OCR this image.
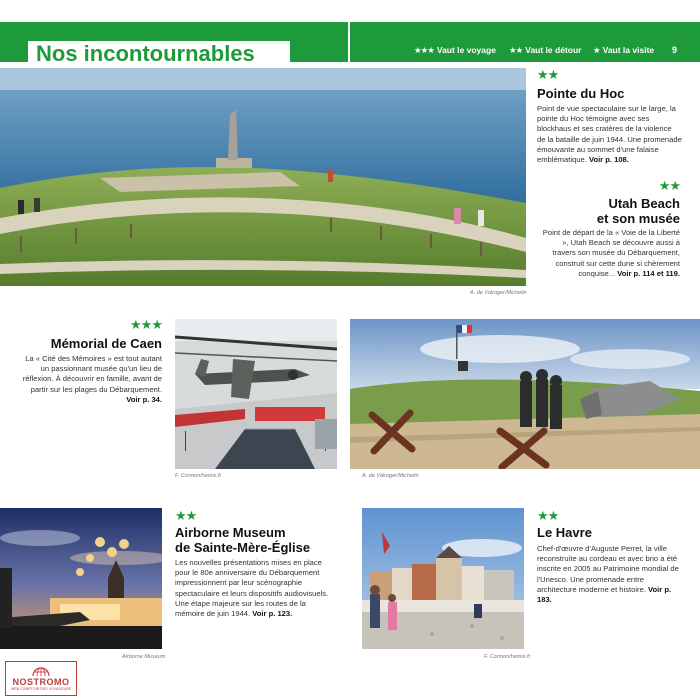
Nos incontournables	★★★ Vaut le voyage ★★ Vaut le détour ★ Vaut la visite 9
A. de Valroger/Michelin
★★
Pointe du Hoc
Point de vue spectaculaire sur le large, la pointe du Hoc témoigne avec ses blockhaus et ses cratères de la violence de la bataille de juin 1944. Une promenade émouvante au sommet d'une falaise emblématique. Voir p. 108.
★★
Utah Beach
et son musée
Point de départ de la « Voie de la Liberté », Utah Beach se découvre aussi à travers son musée du Débarquement, construit sur cette dune si chèrement conquise... Voir p. 114 et 119.
★★★
Mémorial de Caen
La « Cité des Mémoires » est tout autant un passionnant musée qu'un lieu de réflexion. À découvrir en famille, avant de partir sur les plages du Débarquement. Voir p. 34.
F. Cormon/hemis.fr	A. de Valroger/Michelin
Airborne Museum
★★
Airborne Museum
de Sainte-Mère-Église
Les nouvelles présentations mises en place pour le 80e anniversaire du Débarquement impressionnent par leur scénographie spectaculaire et leurs dispositifs audiovisuels. Une étape majeure sur les routes de la mémoire de juin 1944. Voir p. 123.
F. Cormon/hemis.fr
★★
Le Havre
Chef-d'œuvre d'Auguste Perret, la ville reconstruite au cordeau et avec brio a été inscrite en 2005 au Patrimoine mondial de l'Unesco. Une promenade entre architecture moderne et histoire. Voir p. 183.
NOSTROMO
WEB COMPTOIR DES VOYAGEURS
